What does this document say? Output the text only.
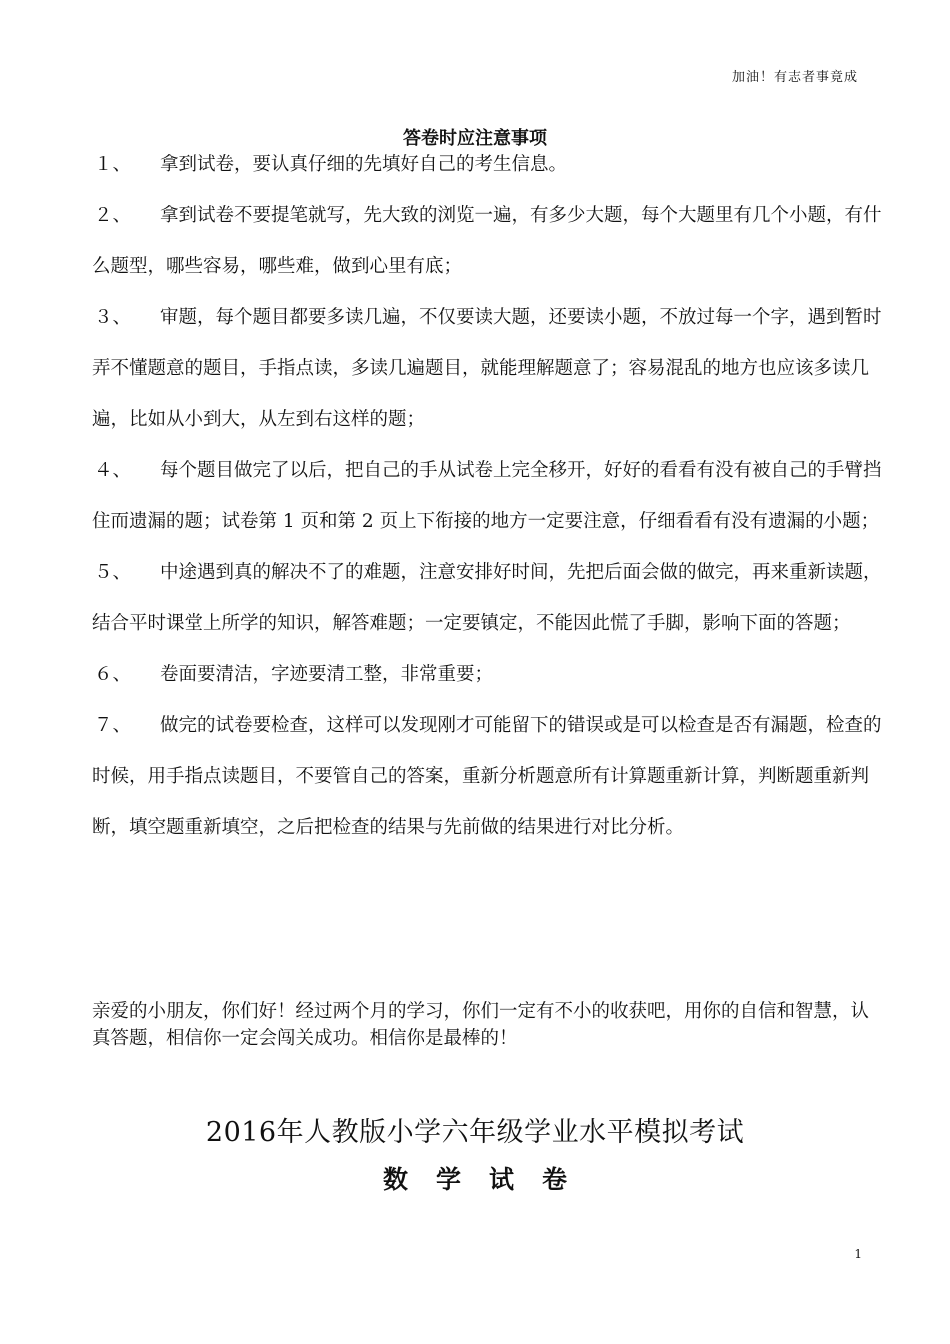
加油！有志者事竟成
答卷时应注意事项
１、 拿到试卷，要认真仔细的先填好自己的考生信息。
２、 拿到试卷不要提笔就写，先大致的浏览一遍，有多少大题，每个大题里有几个小题，有什么题型，哪些容易，哪些难，做到心里有底；
３、 审题，每个题目都要多读几遍，不仅要读大题，还要读小题，不放过每一个字，遇到暂时弄不懂题意的题目，手指点读，多读几遍题目，就能理解题意了；容易混乱的地方也应该多读几遍，比如从小到大，从左到右这样的题；
４、 每个题目做完了以后，把自己的手从试卷上完全移开，好好的看看有没有被自己的手臂挡住而遗漏的题；试卷第 1 页和第 2 页上下衔接的地方一定要注意，仔细看看有没有遗漏的小题；
５、 中途遇到真的解决不了的难题，注意安排好时间，先把后面会做的做完，再来重新读题，结合平时课堂上所学的知识，解答难题；一定要镇定，不能因此慌了手脚，影响下面的答题；
６、 卷面要清洁，字迹要清工整，非常重要；
７、 做完的试卷要检查，这样可以发现刚才可能留下的错误或是可以检查是否有漏题，检查的时候，用手指点读题目，不要管自己的答案，重新分析题意所有计算题重新计算，判断题重新判断，填空题重新填空，之后把检查的结果与先前做的结果进行对比分析。
亲爱的小朋友，你们好！经过两个月的学习，你们一定有不小的收获吧，用你的自信和智慧，认真答题，相信你一定会闯关成功。相信你是最棒的！
2016年人教版小学六年级学业水平模拟考试
数学试卷
1
